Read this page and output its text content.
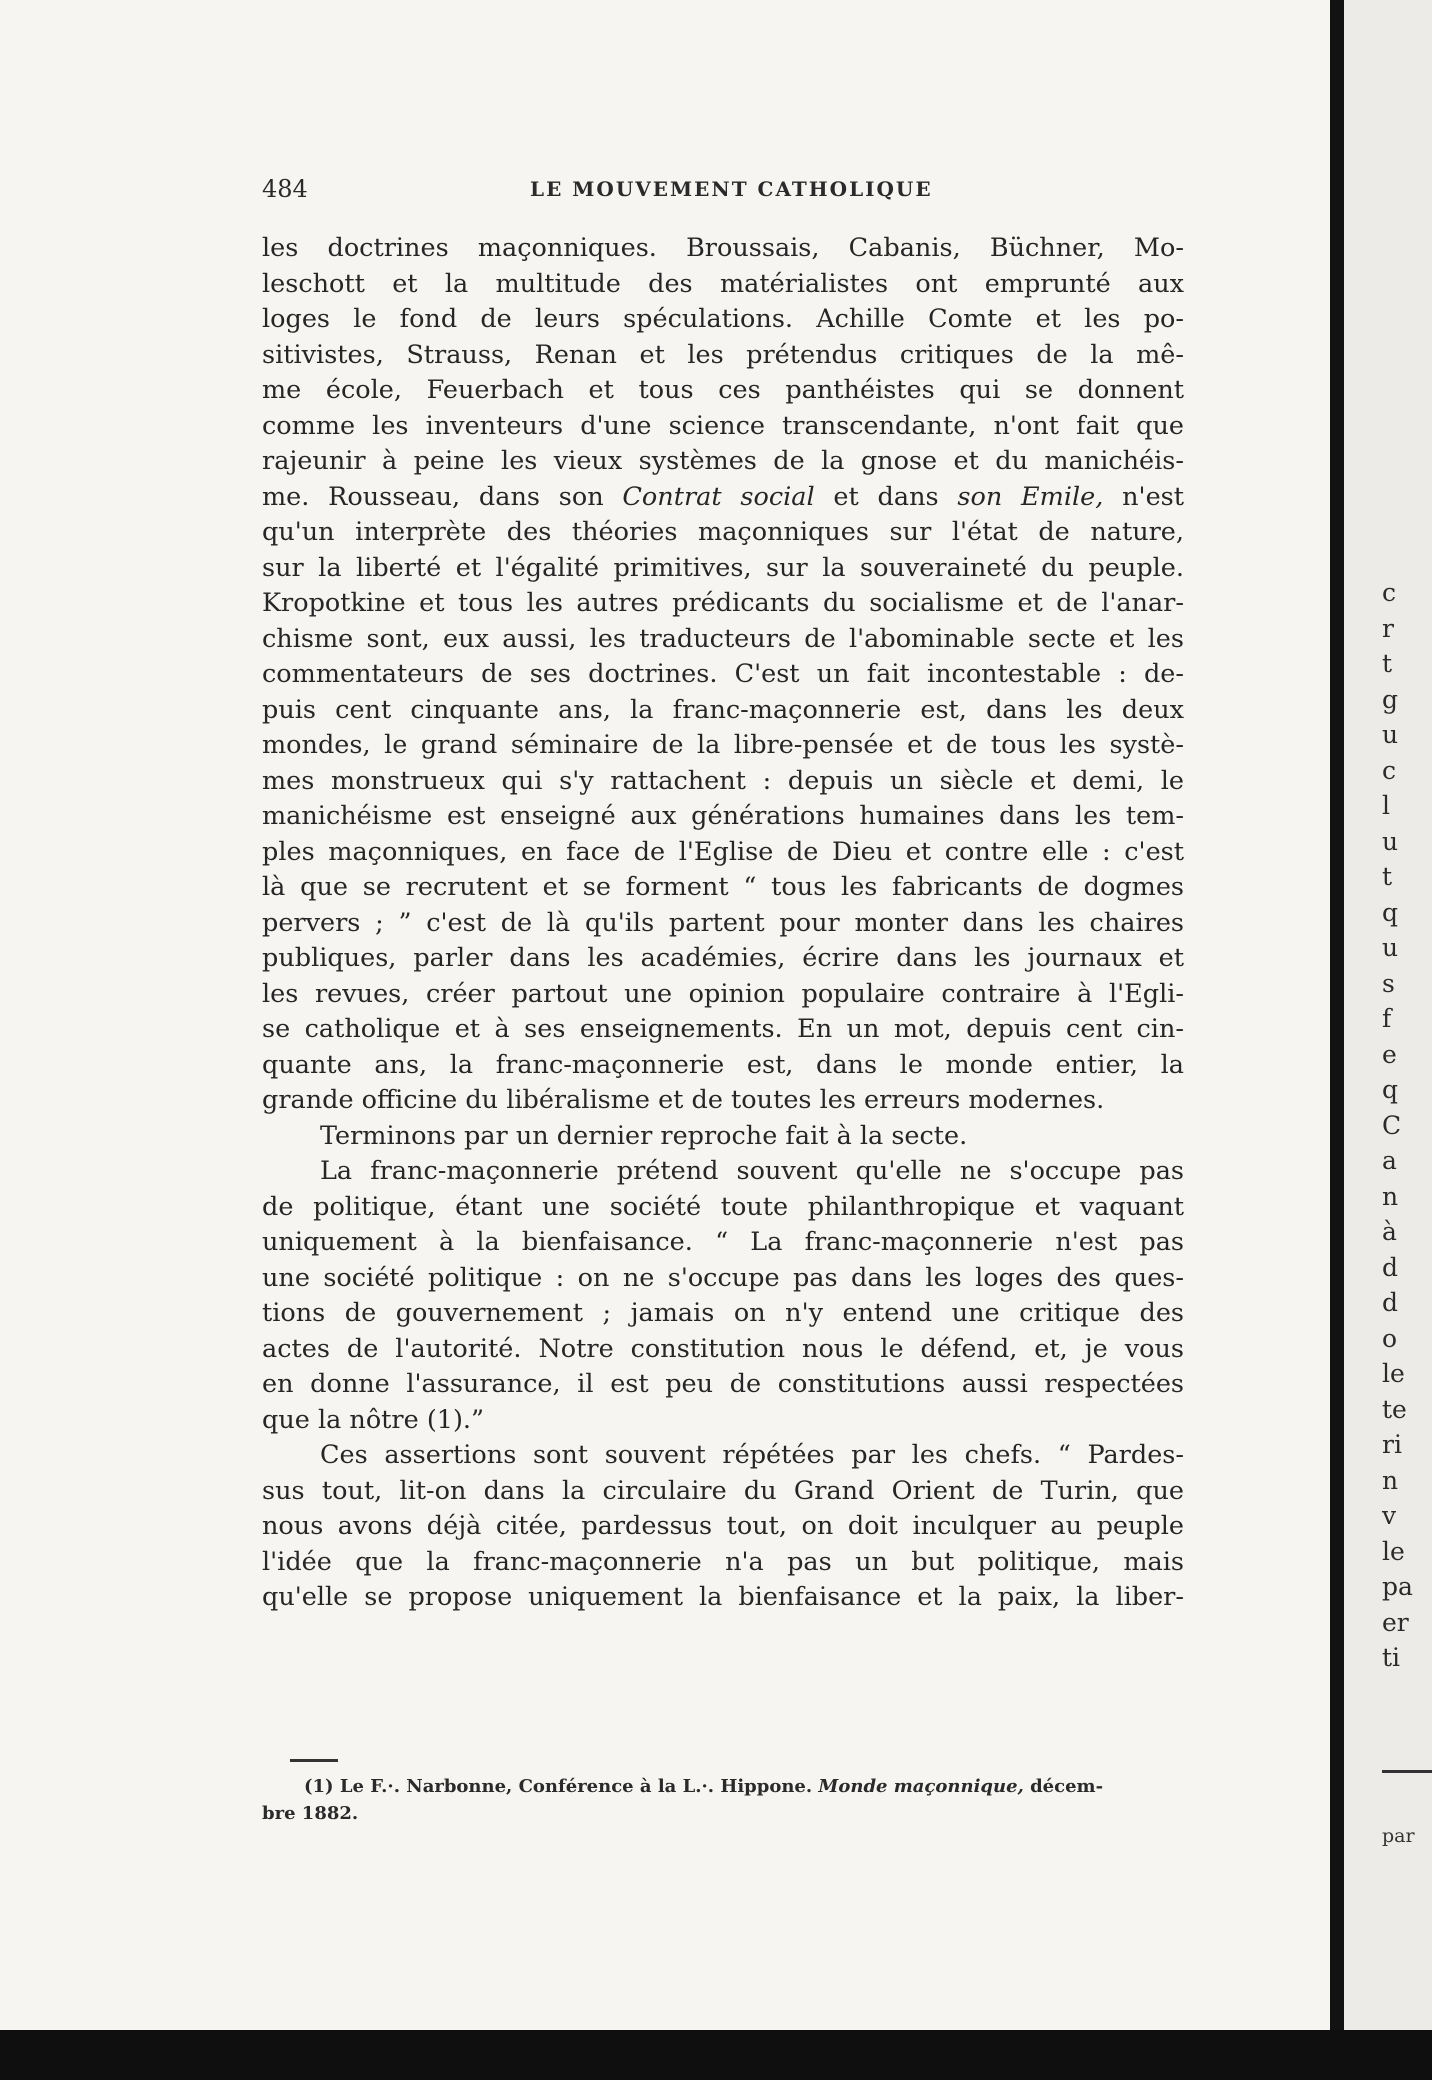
484	LE MOUVEMENT CATHOLIQUE
les doctrines maçonniques. Broussais, Cabanis, Büchner, Mo-
leschott et la multitude des matérialistes ont emprunté aux
loges le fond de leurs spéculations. Achille Comte et les po-
sitivistes, Strauss, Renan et les prétendus critiques de la mê-
me école, Feuerbach et tous ces panthéistes qui se donnent
comme les inventeurs d'une science transcendante, n'ont fait que
rajeunir à peine les vieux systèmes de la gnose et du manichéis-
me. Rousseau, dans son Contrat social et dans son Emile, n'est
qu'un interprète des théories maçonniques sur l'état de nature,
sur la liberté et l'égalité primitives, sur la souveraineté du peuple.
Kropotkine et tous les autres prédicants du socialisme et de l'anar-
chisme sont, eux aussi, les traducteurs de l'abominable secte et les
commentateurs de ses doctrines. C'est un fait incontestable : de-
puis cent cinquante ans, la franc-maçonnerie est, dans les deux
mondes, le grand séminaire de la libre-pensée et de tous les systè-
mes monstrueux qui s'y rattachent : depuis un siècle et demi, le
manichéisme est enseigné aux générations humaines dans les tem-
ples maçonniques, en face de l'Eglise de Dieu et contre elle : c'est
là que se recrutent et se forment “ tous les fabricants de dogmes
pervers ; ” c'est de là qu'ils partent pour monter dans les chaires
publiques, parler dans les académies, écrire dans les journaux et
les revues, créer partout une opinion populaire contraire à l'Egli-
se catholique et à ses enseignements. En un mot, depuis cent cin-
quante ans, la franc-maçonnerie est, dans le monde entier, la
grande officine du libéralisme et de toutes les erreurs modernes.
Terminons par un dernier reproche fait à la secte.
La franc-maçonnerie prétend souvent qu'elle ne s'occupe pas
de politique, étant une société toute philanthropique et vaquant
uniquement à la bienfaisance. “ La franc-maçonnerie n'est pas
une société politique : on ne s'occupe pas dans les loges des ques-
tions de gouvernement ; jamais on n'y entend une critique des
actes de l'autorité. Notre constitution nous le défend, et, je vous
en donne l'assurance, il est peu de constitutions aussi respectées
que la nôtre (1).”
Ces assertions sont souvent répétées par les chefs. “ Pardes-
sus tout, lit-on dans la circulaire du Grand Orient de Turin, que
nous avons déjà citée, pardessus tout, on doit inculquer au peuple
l'idée que la franc-maçonnerie n'a pas un but politique, mais
qu'elle se propose uniquement la bienfaisance et la paix, la liber-
(1) Le F.·. Narbonne, Conférence à la L.·. Hippone. Monde maçonnique, décem-
bre 1882.
c
r
t
g
u
c
l
u
t
q
u
s
f
e
q
C
a
n
à
d
d
o
le
te
ri
n
v
le
pa
er
ti
par
